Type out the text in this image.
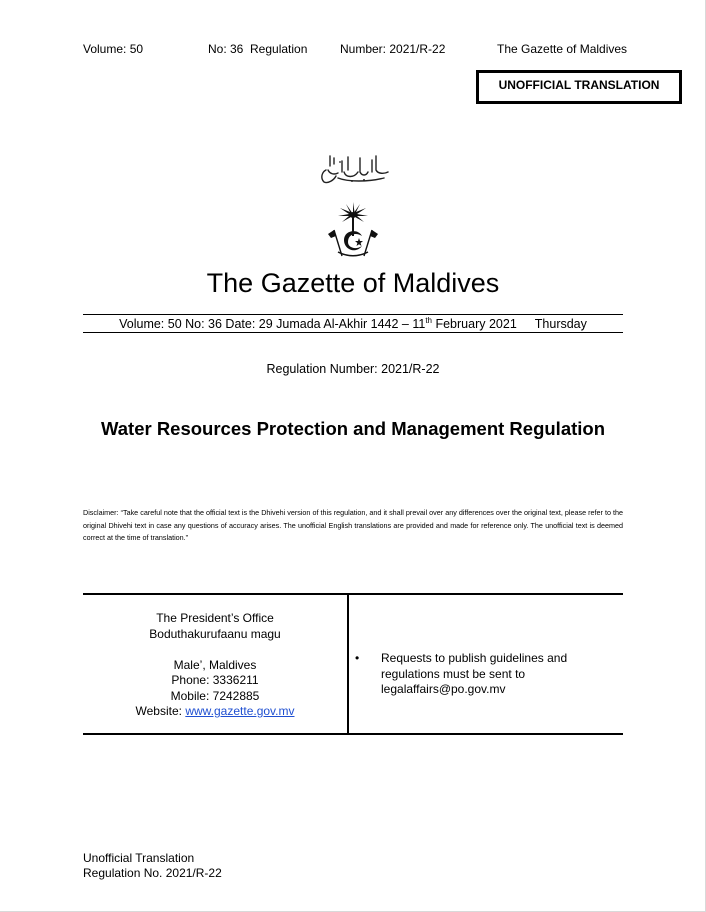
Volume: 50	No: 36 Regulation	Number: 2021/R-22	The Gazette of Maldives
UNOFFICIAL TRANSLATION
The Gazette of Maldives
Volume: 50 No: 36 Date: 29 Jumada Al-Akhir 1442 – 11th February 2021 Thursday
Regulation Number: 2021/R-22
Water Resources Protection and Management Regulation
Disclaimer: “Take careful note that the official text is the Dhivehi version of this regulation, and it shall prevail over any differences over the original text, please refer to the original Dhivehi text in case any questions of accuracy arises. The unofficial English translations are provided and made for reference only. The unofficial text is deemed correct at the time of translation.”
The President’s Office
Boduthakurufaanu magu
Male’, Maldives
Phone: 3336211
Mobile: 7242885
Website: www.gazette.gov.mv
• Requests to publish guidelines and regulations must be sent to legalaffairs@po.gov.mv
Unofficial Translation
Regulation No. 2021/R-22
